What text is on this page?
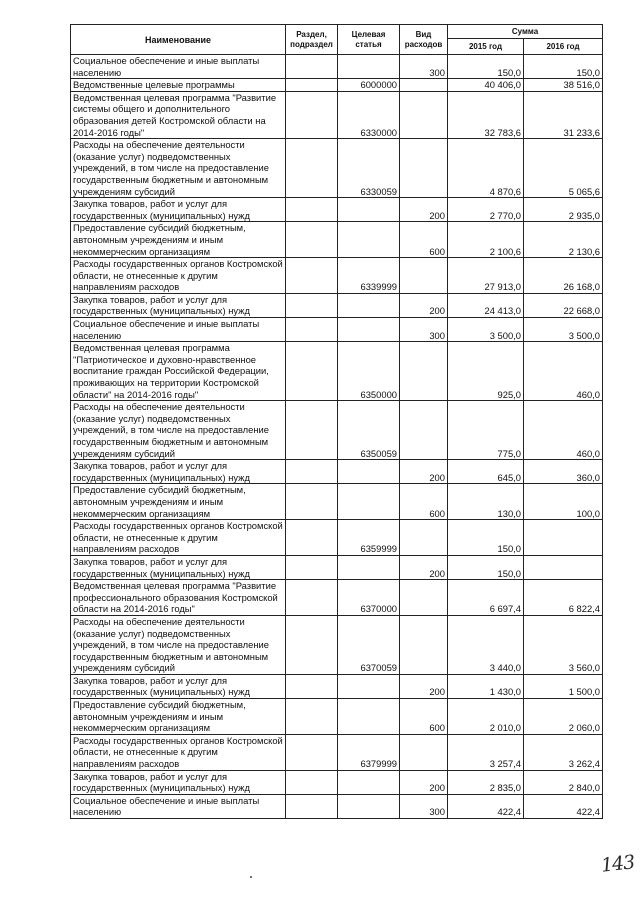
Наименование	Раздел, подраздел	Целевая статья	Вид расходов	Сумма	
				2015 год	2016 год
Социальное обеспечение и иные выплаты населению			300	150,0	150,0
Ведомственные целевые программы		6000000		40 406,0	38 516,0
Ведомственная целевая программа "Развитие системы общего и дополнительного образования детей Костромской области на 2014-2016 годы"		6330000		32 783,6	31 233,6
Расходы на обеспечение деятельности (оказание услуг) подведомственных учреждений, в том числе на предоставление государственным бюджетным и автономным учреждениям субсидий		6330059		4 870,6	5 065,6
Закупка товаров, работ и услуг для государственных (муниципальных) нужд			200	2 770,0	2 935,0
Предоставление субсидий бюджетным, автономным учреждениям и иным некоммерческим организациям			600	2 100,6	2 130,6
Расходы государственных органов Костромской области, не отнесенные к другим направлениям расходов		6339999		27 913,0	26 168,0
Закупка товаров, работ и услуг для государственных (муниципальных) нужд			200	24 413,0	22 668,0
Социальное обеспечение и иные выплаты населению			300	3 500,0	3 500,0
Ведомственная целевая программа "Патриотическое и духовно-нравственное воспитание граждан Российской Федерации, проживающих на территории Костромской области" на 2014-2016 годы"		6350000		925,0	460,0
Расходы на обеспечение деятельности (оказание услуг) подведомственных учреждений, в том числе на предоставление государственным бюджетным и автономным учреждениям субсидий		6350059		775,0	460,0
Закупка товаров, работ и услуг для государственных (муниципальных) нужд			200	645,0	360,0
Предоставление субсидий бюджетным, автономным учреждениям и иным некоммерческим организациям			600	130,0	100,0
Расходы государственных органов Костромской области, не отнесенные к другим направлениям расходов		6359999		150,0	
Закупка товаров, работ и услуг для государственных (муниципальных) нужд			200	150,0	
Ведомственная целевая программа "Развитие профессионального образования Костромской области на 2014-2016 годы"		6370000		6 697,4	6 822,4
Расходы на обеспечение деятельности (оказание услуг) подведомственных учреждений, в том числе на предоставление государственным бюджетным и автономным учреждениям субсидий		6370059		3 440,0	3 560,0
Закупка товаров, работ и услуг для государственных (муниципальных) нужд			200	1 430,0	1 500,0
Предоставление субсидий бюджетным, автономным учреждениям и иным некоммерческим организациям			600	2 010,0	2 060,0
Расходы государственных органов Костромской области, не отнесенные к другим направлениям расходов		6379999		3 257,4	3 262,4
Закупка товаров, работ и услуг для государственных (муниципальных) нужд			200	2 835,0	2 840,0
Социальное обеспечение и иные выплаты населению			300	422,4	422,4
143
